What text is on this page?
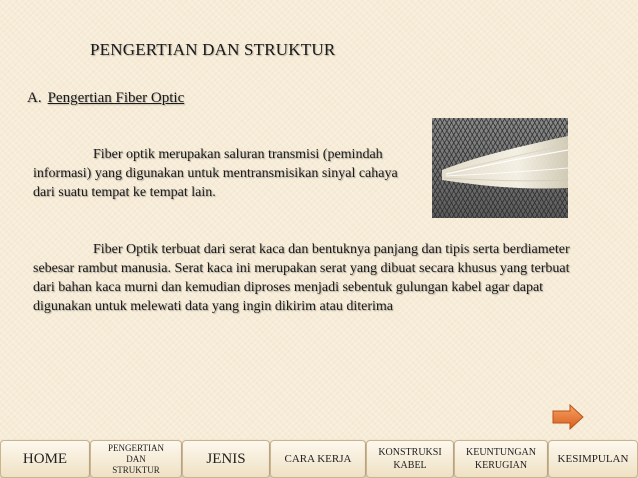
PENGERTIAN DAN STRUKTUR
A. Pengertian Fiber Optic
Fiber optik merupakan saluran transmisi (pemindah informasi) yang digunakan untuk mentransmisikan sinyal cahaya dari suatu tempat ke tempat lain.
Fiber Optik terbuat dari serat kaca dan bentuknya panjang dan tipis serta berdiameter sebesar rambut manusia. Serat kaca ini merupakan serat yang dibuat secara khusus yang terbuat dari bahan kaca murni dan kemudian diproses menjadi sebentuk gulungan kabel agar dapat digunakan untuk melewati data yang ingin dikirim atau diterima
HOME
PENGERTIAN DAN STRUKTUR
JENIS	CARA KERJA
KONSTRUKSI KABEL
KEUNTUNGAN KERUGIAN
KESIMPULAN
